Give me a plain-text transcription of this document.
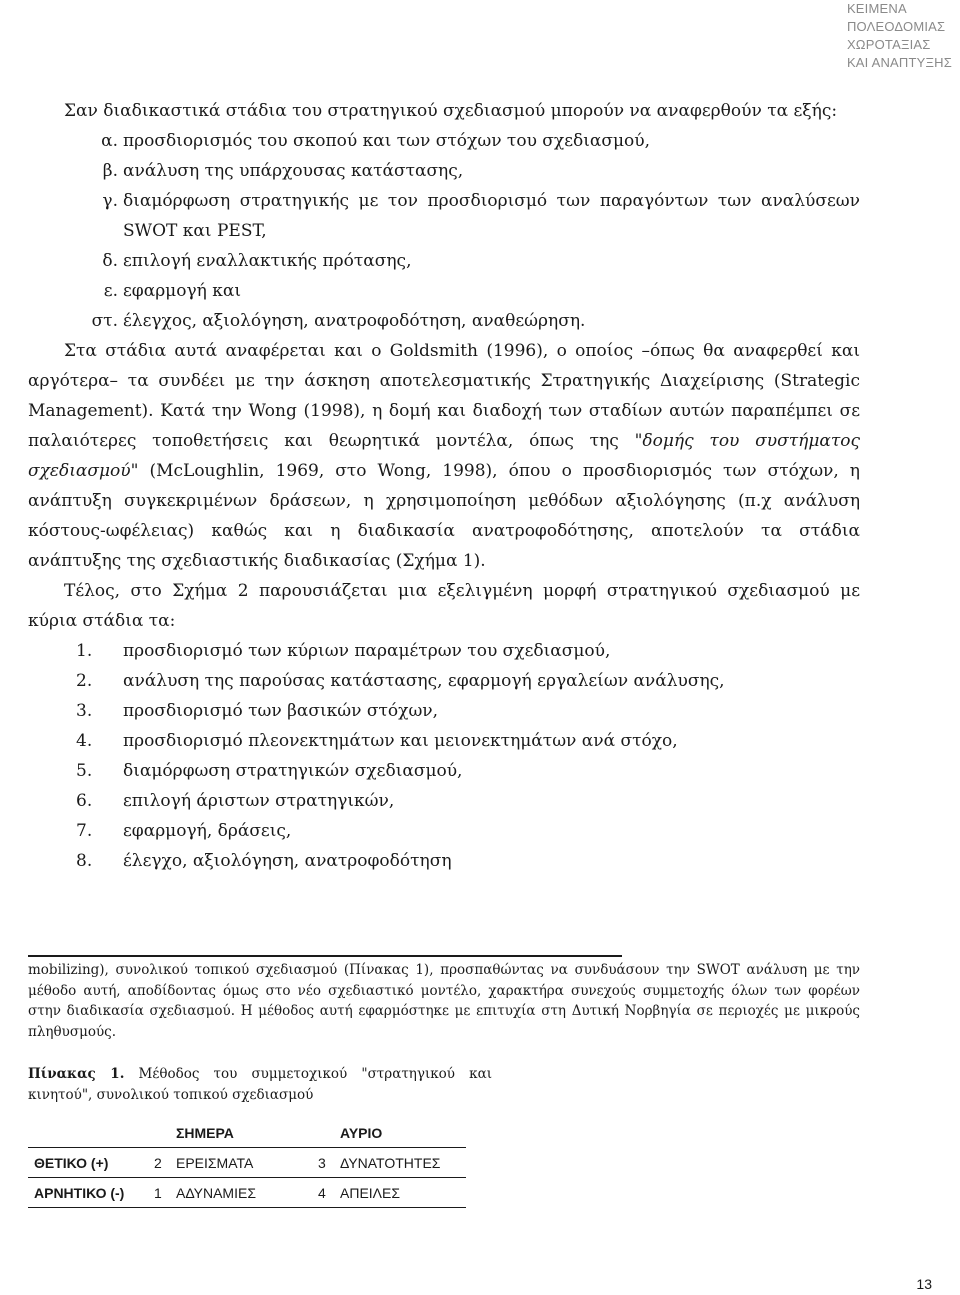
ΚΕΙΜΕΝΑ
ΠΟΛΕΟΔΟΜΙΑΣ
ΧΩΡΟΤΑΞΙΑΣ
ΚΑΙ ΑΝΑΠΤΥΞΗΣ

Σαν διαδικαστικά στάδια του στρατηγικού σχεδιασμού μπορούν να αναφερθούν τα εξής:

α. προσδιορισμός του σκοπού και των στόχων του σχεδιασμού,

β. ανάλυση της υπάρχουσας κατάστασης,

γ. διαμόρφωση στρατηγικής με τον προσδιορισμό των παραγόντων των αναλύσεων SWOT και PEST,

δ. επιλογή εναλλακτικής πρότασης,

ε. εφαρμογή και

στ. έλεγχος, αξιολόγηση, ανατροφοδότηση, αναθεώρηση.

Στα στάδια αυτά αναφέρεται και ο Goldsmith (1996), ο οποίος –όπως θα αναφερθεί και αργότερα– τα συνδέει με την άσκηση αποτελεσματικής Στρατηγικής Διαχείρισης (Strategic Management). Κατά την Wong (1998), η δομή και διαδοχή των σταδίων αυτών παραπέμπει σε παλαιότερες τοποθετήσεις και θεωρητικά μοντέλα, όπως της "δομής του συστήματος σχεδιασμού" (McLoughlin, 1969, στο Wong, 1998), όπου ο προσδιορισμός των στόχων, η ανάπτυξη συγκεκριμένων δράσεων, η χρησιμοποίηση μεθόδων αξιολόγησης (π.χ ανάλυση κόστους-ωφέλειας) καθώς και η διαδικασία ανατροφοδότησης, αποτελούν τα στάδια ανάπτυξης της σχεδιαστικής διαδικασίας (Σχήμα 1).

Τέλος, στο Σχήμα 2 παρουσιάζεται μια εξελιγμένη μορφή στρατηγικού σχεδιασμού με κύρια στάδια τα:

1.	προσδιορισμό των κύριων παραμέτρων του σχεδιασμού,

2.	ανάλυση της παρούσας κατάστασης, εφαρμογή εργαλείων ανάλυσης,

3.	προσδιορισμό των βασικών στόχων,

4.	προσδιορισμό πλεονεκτημάτων και μειονεκτημάτων ανά στόχο,

5.	διαμόρφωση στρατηγικών σχεδιασμού,

6.	επιλογή άριστων στρατηγικών,

7.	εφαρμογή, δράσεις,

8.	έλεγχο, αξιολόγηση, ανατροφοδότηση

mobilizing), συνολικού τοπικού σχεδιασμού (Πίνακας 1), προσπαθώντας να συνδυάσουν την SWOT ανάλυση με την μέθοδο αυτή, αποδίδοντας όμως στο νέο σχεδιαστικό μοντέλο, χαρακτήρα συνεχούς συμμετοχής όλων των φορέων στην διαδικασία σχεδιασμού. Η μέθοδος αυτή εφαρμόστηκε με επιτυχία στη Δυτική Νορβηγία σε περιοχές με μικρούς πληθυσμούς.
Πίνακας 1. Μέθοδος του συμμετοχικού "στρατηγικού και κινητού", συνολικού τοπικού σχεδιασμού
		ΣΗΜΕΡΑ		ΑΥΡΙΟ
ΘΕΤΙΚΟ (+)	2	ΕΡΕΙΣΜΑΤΑ	3	ΔΥΝΑΤΟΤΗΤΕΣ
ΑΡΝΗΤΙΚΟ (-)	1	ΑΔΥΝΑΜΙΕΣ	4	ΑΠΕΙΛΕΣ
13
